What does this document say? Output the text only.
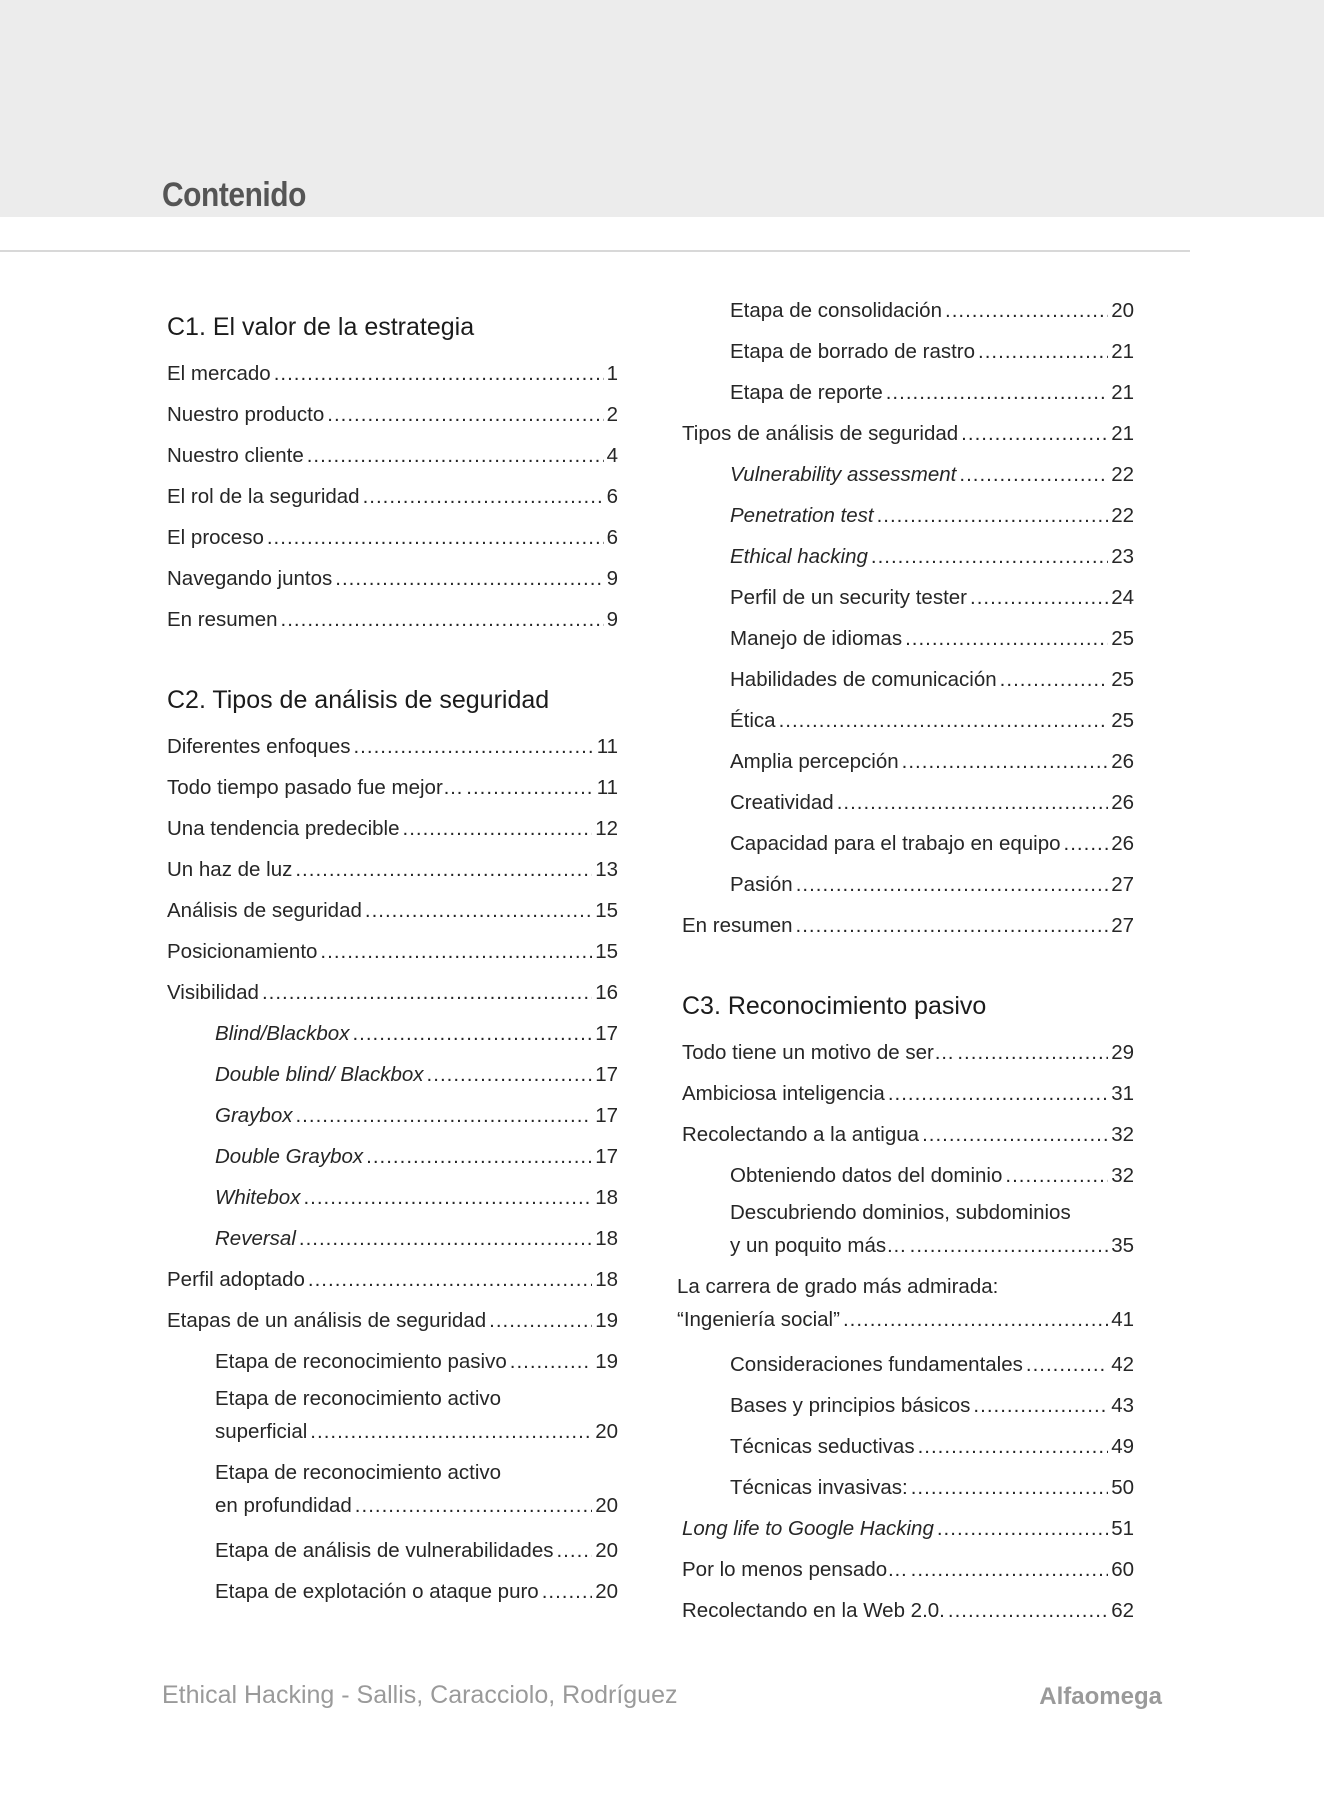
Contenido
C1. El valor de la estrategia
El mercado .....	1
Nuestro producto .....	2
Nuestro cliente .....	4
El rol de la seguridad .....	6
El proceso .....	6
Navegando juntos .....	9
En resumen .....	9
C2. Tipos de análisis de seguridad
Diferentes enfoques .....	11
Todo tiempo pasado fue mejor… .....	11
Una tendencia predecible .....	12
Un haz de luz .....	13
Análisis de seguridad .....	15
Posicionamiento .....	15
Visibilidad .....	16
Blind/Blackbox .....	17
Double blind/ Blackbox .....	17
Graybox .....	17
Double Graybox .....	17
Whitebox .....	18
Reversal .....	18
Perfil adoptado .....	18
Etapas de un análisis de seguridad .....	19
Etapa de reconocimiento pasivo .....	19
Etapa de reconocimiento activo
superficial .....	20
Etapa de reconocimiento activo
en profundidad .....	20
Etapa de análisis de vulnerabilidades ..... 20
Etapa de explotación o ataque puro .....	20
Etapa de consolidación .....	20
Etapa de borrado de rastro .....	21
Etapa de reporte .....	21
Tipos de análisis de seguridad .....	21
Vulnerability assessment .....	22
Penetration test .....	22
Ethical hacking .....	23
Perfil de un security tester .....	24
Manejo de idiomas .....	25
Habilidades de comunicación .....	25
Ética .....	25
Amplia percepción .....	26
Creatividad .....	26
Capacidad para el trabajo en equipo ..... 26
Pasión .....	27
En resumen .....	27
C3. Reconocimiento pasivo
Todo tiene un motivo de ser… .....	29
Ambiciosa inteligencia .....	31
Recolectando a la antigua .....	32
Obteniendo datos del dominio .....	32
Descubriendo dominios, subdominios
y un poquito más… .....	35
La carrera de grado más admirada:
“Ingeniería social” .....	41
Consideraciones fundamentales .....	42
Bases y principios básicos .....	43
Técnicas seductivas .....	49
Técnicas invasivas: .....	50
Long life to Google Hacking .....	51
Por lo menos pensado… .....	60
Recolectando en la Web 2.0. .....	62
Ethical Hacking - Sallis, Caracciolo, Rodríguez	Alfaomega
